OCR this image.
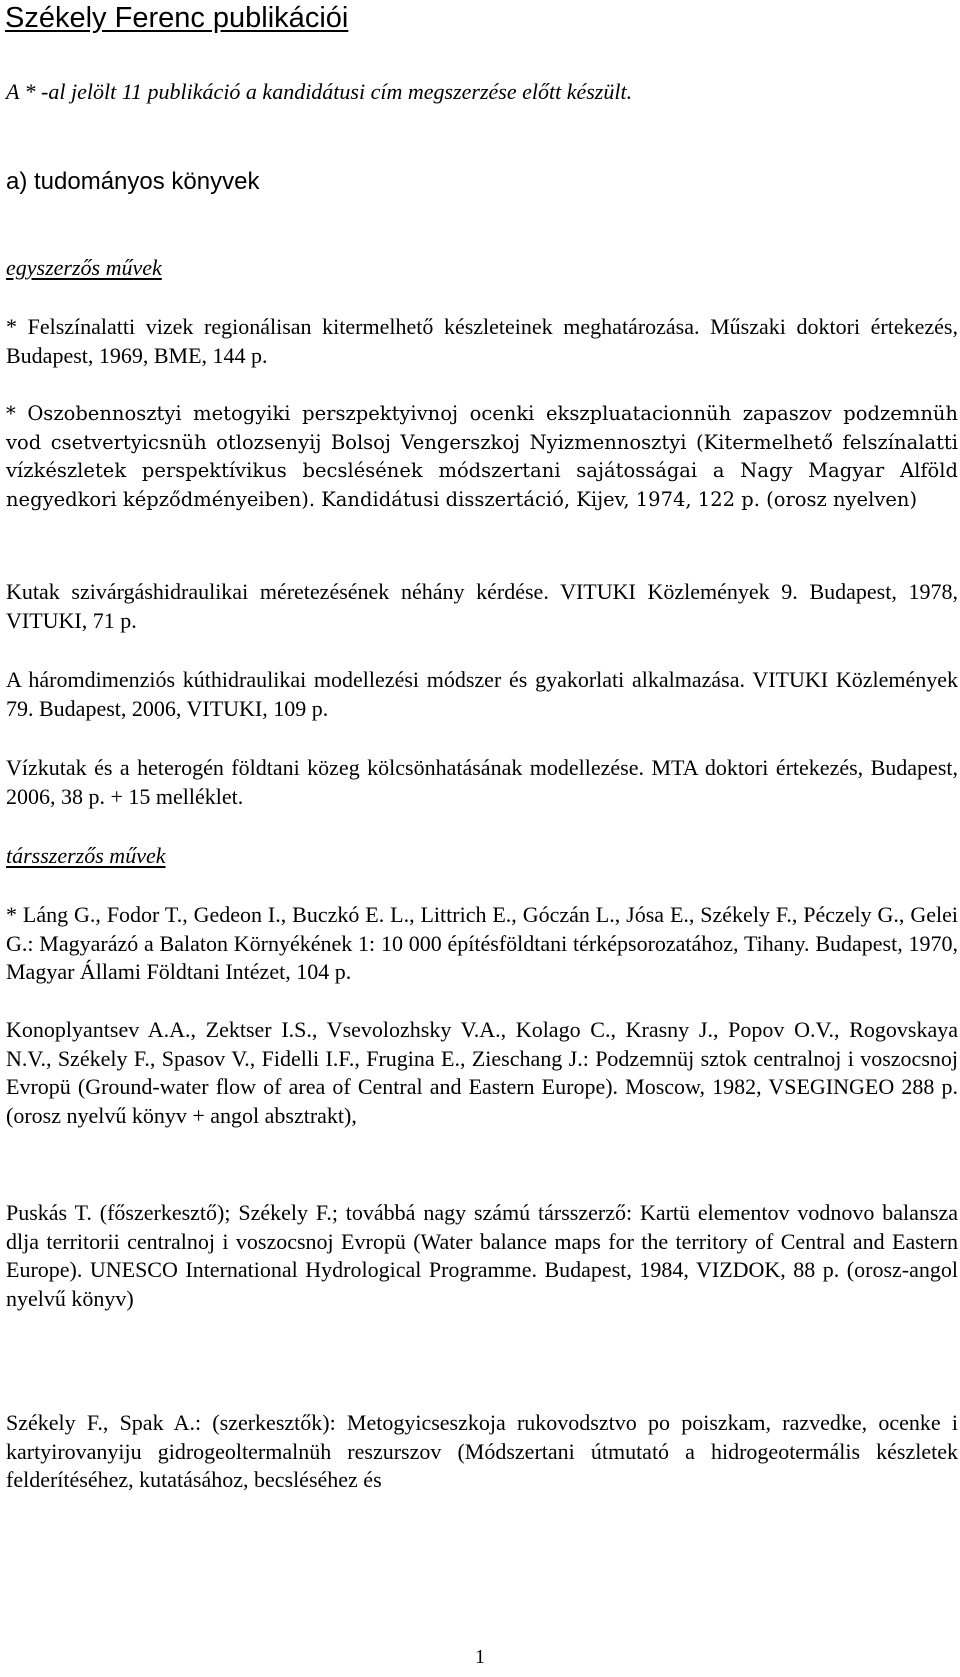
Székely Ferenc publikációi
A * -al jelölt 11 publikáció a kandidátusi cím megszerzése előtt készült.
a) tudományos könyvek
egyszerzős művek
* Felszínalatti vizek regionálisan kitermelhető készleteinek meghatározása. Műszaki doktori értekezés, Budapest, 1969, BME, 144 p.
* Oszobennosztyi metogyiki perszpektyivnoj ocenki ekszpluatacionnüh zapaszov podzemnüh vod csetvertyicsnüh otlozsenyij Bolsoj Vengerszkoj Nyizmennosztyi (Kitermelhető felszínalatti vízkészletek perspektívikus becslésének módszertani sajátosságai a Nagy Magyar Alföld negyedkori képződményeiben). Kandidátusi disszertáció, Kijev, 1974, 122 p. (orosz nyelven)
Kutak szivárgáshidraulikai méretezésének néhány kérdése. VITUKI Közlemények 9. Budapest, 1978, VITUKI, 71 p.
A háromdimenziós kúthidraulikai modellezési módszer és gyakorlati alkalmazása. VITUKI Közlemények 79. Budapest, 2006, VITUKI, 109 p.
Vízkutak és a heterogén földtani közeg kölcsönhatásának modellezése. MTA doktori értekezés, Budapest, 2006, 38 p. + 15 melléklet.
társszerzős művek
* Láng G., Fodor T., Gedeon I., Buczkó E. L., Littrich E., Góczán L., Jósa E., Székely F., Péczely G., Gelei G.: Magyarázó a Balaton Környékének 1: 10 000 építésföldtani térképsorozatához, Tihany. Budapest, 1970, Magyar Állami Földtani Intézet, 104 p.
Konoplyantsev A.A., Zektser I.S., Vsevolozhsky V.A., Kolago C., Krasny J., Popov O.V., Rogovskaya N.V., Székely F., Spasov V., Fidelli I.F., Frugina E., Zieschang J.: Podzemnüj sztok centralnoj i voszocsnoj Evropü (Ground-water flow of area of Central and Eastern Europe). Moscow, 1982, VSEGINGEO 288 p. (orosz nyelvű könyv + angol absztrakt),
Puskás T. (főszerkesztő); Székely F.; továbbá nagy számú társszerző: Kartü elementov vodnovo balansza dlja territorii centralnoj i voszocsnoj Evropü (Water balance maps for the territory of Central and Eastern Europe). UNESCO International Hydrological Programme. Budapest, 1984, VIZDOK, 88 p. (orosz-angol nyelvű könyv)
Székely F., Spak A.: (szerkesztők): Metogyicseszkoja rukovodsztvo po poiszkam, razvedke, ocenke i kartyirovanyiju gidrogeoltermalnüh reszurszov (Módszertani útmutató a hidrogeotermális készletek felderítéséhez, kutatásához, becsléséhez és
1
